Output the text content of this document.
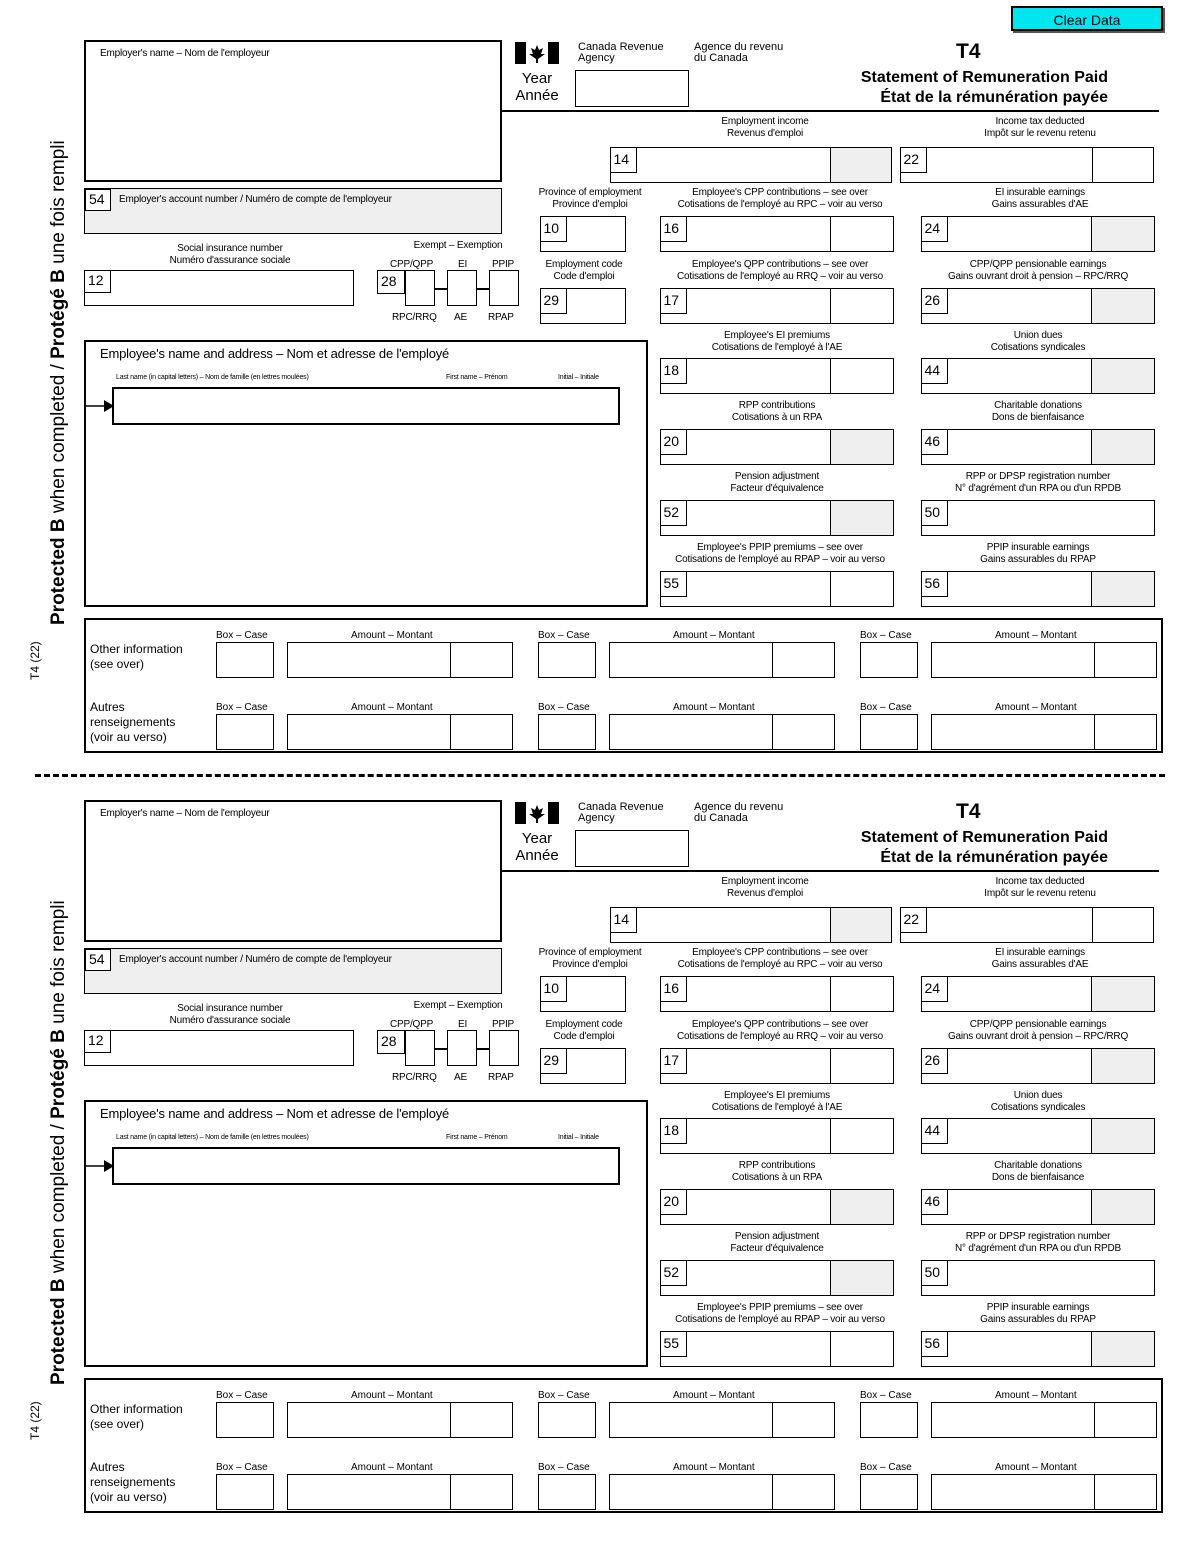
Clear Data
T4 (22)
Protected B when completed / Protégé B une fois rempli
Employer's name – Nom de l'employeur
Canada Revenue
Agency
Agence du revenu
du Canada	T4
Statement of Remuneration Paid
État de la rémunération payée
Year
Année
54	Employer's account number / Numéro de compte de l'employeur
Social insurance number
Numéro d'assurance sociale
12
Exempt – Exemption
CPP/QPP EI PPIP
28
RPC/RRQ AE RPAP
Employee's name and address – Nom et adresse de l'employé
Last name (in capital letters) – Nom de famille (en lettres moulées)	First name – Prénom	Initial – Initiale
Employment income
Revenus d'emploi
14
Income tax deducted
Impôt sur le revenu retenu
22
Province of employment
Province d'emploi
10
Employee's CPP contributions – see over
Cotisations de l'employé au RPC – voir au verso
16
EI insurable earnings
Gains assurables d'AE
24
Employment code
Code d'emploi
29
Employee's QPP contributions – see over
Cotisations de l'employé au RRQ – voir au verso
17
CPP/QPP pensionable earnings
Gains ouvrant droit à pension – RPC/RRQ
26
Employee's EI premiums
Cotisations de l'employé à l'AE
18
Union dues
Cotisations syndicales
44
RPP contributions
Cotisations à un RPA
20
Charitable donations
Dons de bienfaisance
46
Pension adjustment
Facteur d'équivalence
52
RPP or DPSP registration number
N° d'agrément d'un RPA ou d'un RPDB
50
Employee's PPIP premiums – see over
Cotisations de l'employé au RPAP – voir au verso
55
PPIP insurable earnings
Gains assurables du RPAP
56
Other information
(see over)
Autres
renseignements
(voir au verso)
Box – Case	Amount – Montant	Box – Case	Amount – Montant	Box – Case	Amount – Montant
Box – Case	Amount – Montant	Box – Case	Amount – Montant	Box – Case	Amount – Montant
T4 (22)
Protected B when completed / Protégé B une fois rempli
Employer's name – Nom de l'employeur
Canada Revenue
Agency
Agence du revenu
du Canada	T4
Statement of Remuneration Paid
État de la rémunération payée
Year
Année
54	Employer's account number / Numéro de compte de l'employeur
Social insurance number
Numéro d'assurance sociale
12
Exempt – Exemption
CPP/QPP EI PPIP
28
RPC/RRQ AE RPAP
Employee's name and address – Nom et adresse de l'employé
Last name (in capital letters) – Nom de famille (en lettres moulées)	First name – Prénom	Initial – Initiale
Employment income
Revenus d'emploi
14
Income tax deducted
Impôt sur le revenu retenu
22
Province of employment
Province d'emploi
10
Employee's CPP contributions – see over
Cotisations de l'employé au RPC – voir au verso
16
EI insurable earnings
Gains assurables d'AE
24
Employment code
Code d'emploi
29
Employee's QPP contributions – see over
Cotisations de l'employé au RRQ – voir au verso
17
CPP/QPP pensionable earnings
Gains ouvrant droit à pension – RPC/RRQ
26
Employee's EI premiums
Cotisations de l'employé à l'AE
18
Union dues
Cotisations syndicales
44
RPP contributions
Cotisations à un RPA
20
Charitable donations
Dons de bienfaisance
46
Pension adjustment
Facteur d'équivalence
52
RPP or DPSP registration number
N° d'agrément d'un RPA ou d'un RPDB
50
Employee's PPIP premiums – see over
Cotisations de l'employé au RPAP – voir au verso
55
PPIP insurable earnings
Gains assurables du RPAP
56
Other information
(see over)
Autres
renseignements
(voir au verso)
Box – Case	Amount – Montant	Box – Case	Amount – Montant	Box – Case	Amount – Montant
Box – Case	Amount – Montant	Box – Case	Amount – Montant	Box – Case	Amount – Montant
